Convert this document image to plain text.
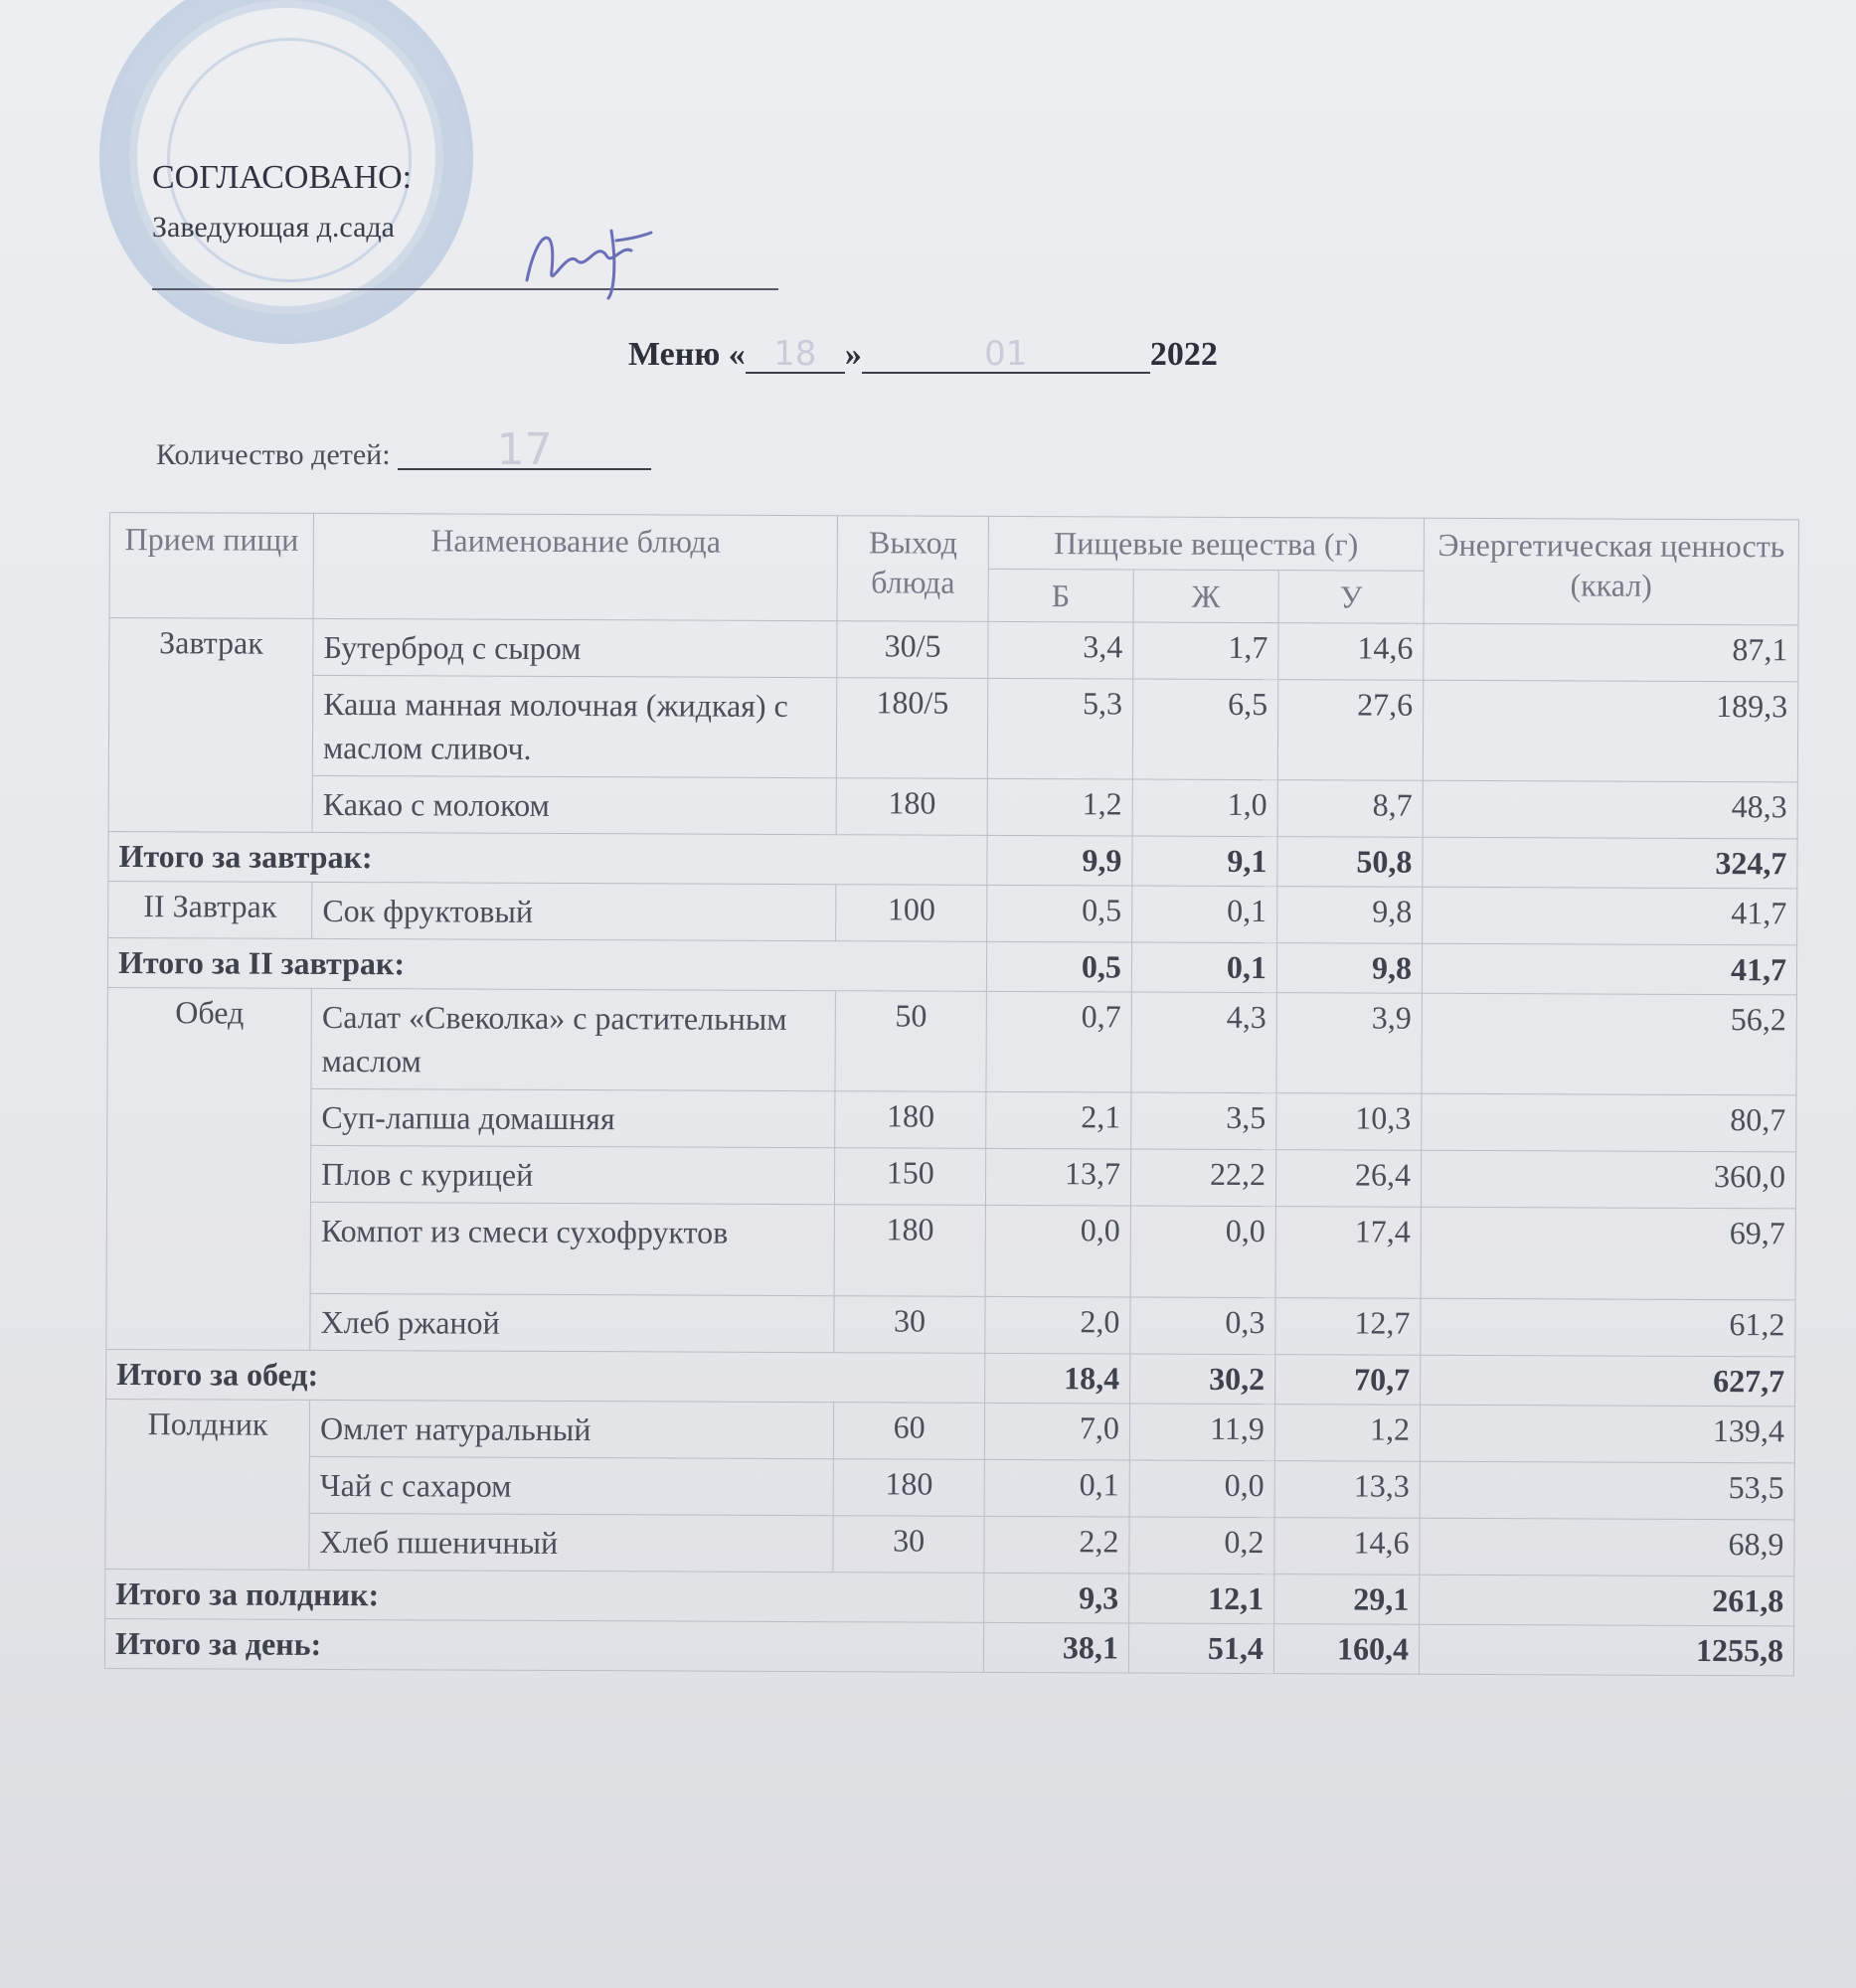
СОГЛАСОВАНО:
Заведующая д.сада
Меню « 18 »	01	2022
Количество детей: 17
Прием пищи	Наименование блюда	Выход блюда	Пищевые вещества (г)			Энергетическая ценность (ккал)
			Б	Ж	У	
Завтрак	Бутерброд с сыром	30/5	3,4	1,7	14,6	87,1
	Каша манная молочная (жидкая) с маслом сливоч.	180/5	5,3	6,5	27,6	189,3
	Какао с молоком	180	1,2	1,0	8,7	48,3
Итого за завтрак:			9,9	9,1	50,8	324,7
II Завтрак	Сок фруктовый	100	0,5	0,1	9,8	41,7
Итого за II завтрак:			0,5	0,1	9,8	41,7
Обед	Салат «Свеколка» с растительным маслом	50	0,7	4,3	3,9	56,2
	Суп-лапша домашняя	180	2,1	3,5	10,3	80,7
	Плов с курицей	150	13,7	22,2	26,4	360,0
	Компот из смеси сухофруктов	180	0,0	0,0	17,4	69,7
	Хлеб ржаной	30	2,0	0,3	12,7	61,2
Итого за обед:			18,4	30,2	70,7	627,7
Полдник	Омлет натуральный	60	7,0	11,9	1,2	139,4
	Чай с сахаром	180	0,1	0,0	13,3	53,5
	Хлеб пшеничный	30	2,2	0,2	14,6	68,9
Итого за полдник:			9,3	12,1	29,1	261,8
Итого за день:			38,1	51,4	160,4	1255,8
